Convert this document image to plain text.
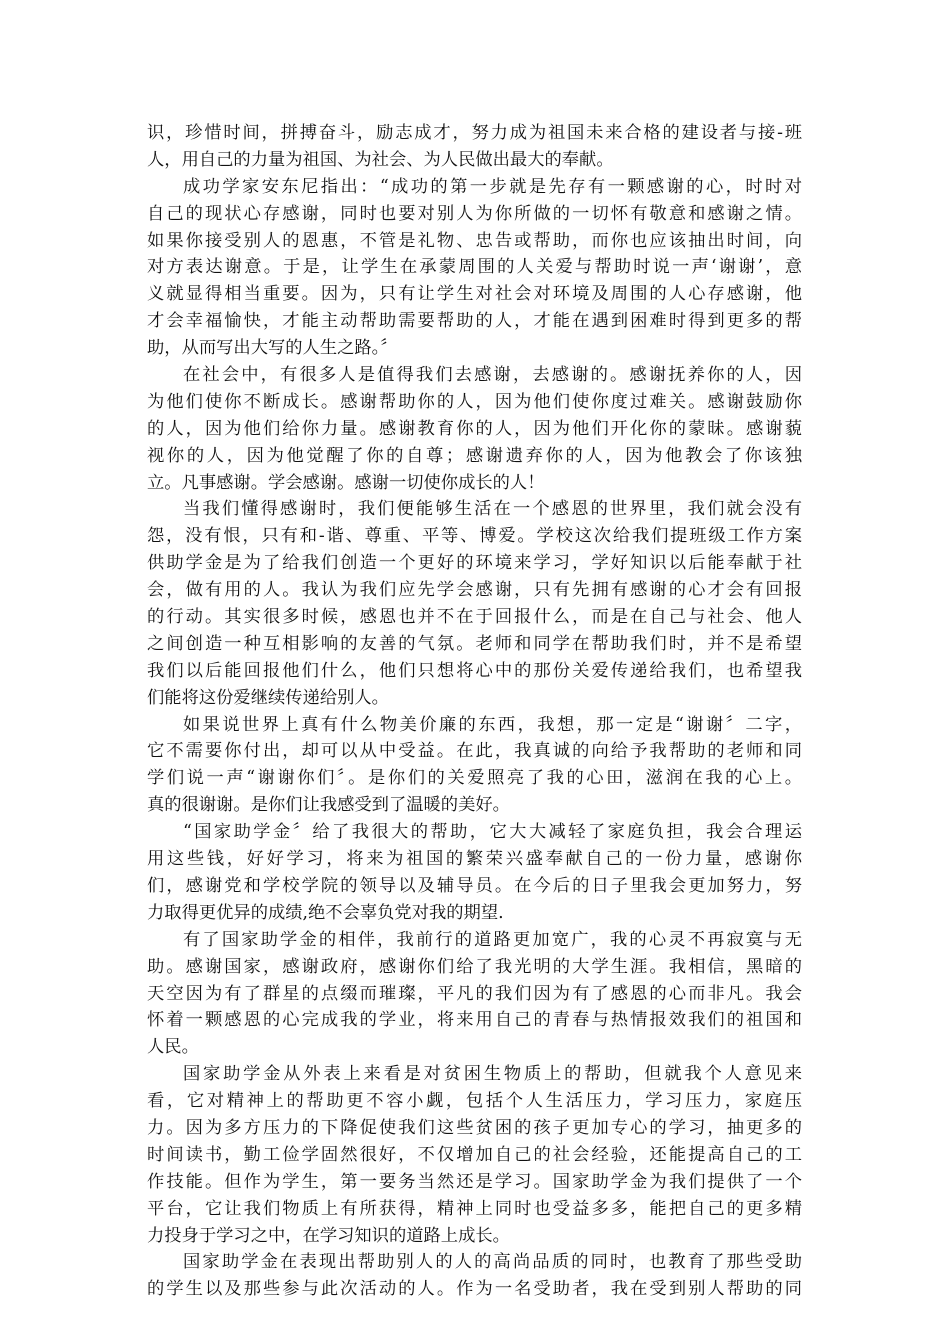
识，珍惜时间，拼搏奋斗，励志成才，努力成为祖国未来合格的建设者与接-班
人，用自己的力量为祖国、为社会、为人民做出最大的奉献。
成功学家安东尼指出：“成功的第一步就是先存有一颗感谢的心，时时对
自己的现状心存感谢，同时也要对别人为你所做的一切怀有敬意和感谢之情。
如果你接受别人的恩惠，不管是礼物、忠告或帮助，而你也应该抽出时间，向
对方表达谢意。于是，让学生在承蒙周围的人关爱与帮助时说一声‘谢谢’，意
义就显得相当重要。因为，只有让学生对社会对环境及周围的人心存感谢，他
才会幸福愉快，才能主动帮助需要帮助的人，才能在遇到困难时得到更多的帮
助，从而写出大写的人生之路。〞
在社会中，有很多人是值得我们去感谢，去感谢的。感谢抚养你的人，因
为他们使你不断成长。感谢帮助你的人，因为他们使你度过难关。感谢鼓励你
的人，因为他们给你力量。感谢教育你的人，因为他们开化你的蒙昧。感谢藐
视你的人，因为他觉醒了你的自尊；感谢遗弃你的人，因为他教会了你该独
立。凡事感谢。学会感谢。感谢一切使你成长的人！
当我们懂得感谢时，我们便能够生活在一个感恩的世界里，我们就会没有
怨，没有恨，只有和-谐、尊重、平等、博爱。学校这次给我们提班级工作方案
供助学金是为了给我们创造一个更好的环境来学习，学好知识以后能奉献于社
会，做有用的人。我认为我们应先学会感谢，只有先拥有感谢的心才会有回报
的行动。其实很多时候，感恩也并不在于回报什么，而是在自己与社会、他人
之间创造一种互相影响的友善的气氛。老师和同学在帮助我们时，并不是希望
我们以后能回报他们什么，他们只想将心中的那份关爱传递给我们，也希望我
们能将这份爱继续传递给别人。
如果说世界上真有什么物美价廉的东西，我想，那一定是“谢谢〞二字，
它不需要你付出，却可以从中受益。在此，我真诚的向给予我帮助的老师和同
学们说一声“谢谢你们〞。是你们的关爱照亮了我的心田，滋润在我的心上。
真的很谢谢。是你们让我感受到了温暖的美好。
“国家助学金〞给了我很大的帮助，它大大减轻了家庭负担，我会合理运
用这些钱，好好学习，将来为祖国的繁荣兴盛奉献自己的一份力量，感谢你
们，感谢党和学校学院的领导以及辅导员。在今后的日子里我会更加努力，努
力取得更优异的成绩,绝不会辜负党对我的期望.
有了国家助学金的相伴，我前行的道路更加宽广，我的心灵不再寂寞与无
助。感谢国家，感谢政府，感谢你们给了我光明的大学生涯。我相信，黑暗的
天空因为有了群星的点缀而璀璨，平凡的我们因为有了感恩的心而非凡。我会
怀着一颗感恩的心完成我的学业，将来用自己的青春与热情报效我们的祖国和
人民。
国家助学金从外表上来看是对贫困生物质上的帮助，但就我个人意见来
看，它对精神上的帮助更不容小觑，包括个人生活压力，学习压力，家庭压
力。因为多方压力的下降促使我们这些贫困的孩子更加专心的学习，抽更多的
时间读书，勤工俭学固然很好，不仅增加自己的社会经验，还能提高自己的工
作技能。但作为学生，第一要务当然还是学习。国家助学金为我们提供了一个
平台，它让我们物质上有所获得，精神上同时也受益多多，能把自己的更多精
力投身于学习之中，在学习知识的道路上成长。
国家助学金在表现出帮助别人的人的高尚品质的同时，也教育了那些受助
的学生以及那些参与此次活动的人。作为一名受助者，我在受到别人帮助的同
